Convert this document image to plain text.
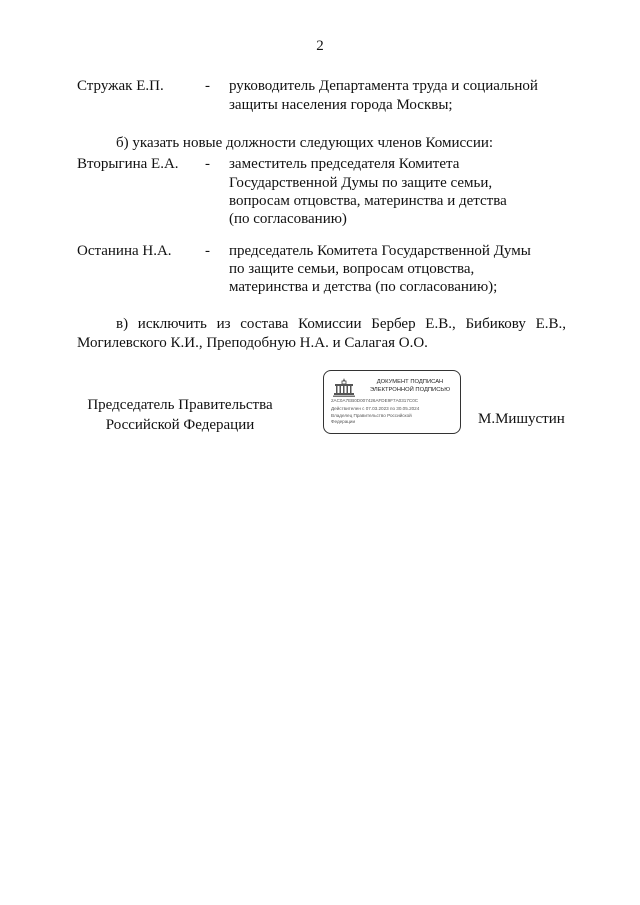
2
Стружак Е.П.	- руководитель Департамента труда и социальной
защиты населения города Москвы;
б) указать новые должности следующих членов Комиссии:
Вторыгина Е.А. - заместитель председателя Комитета
Государственной Думы по защите семьи,
вопросам отцовства, материнства и детства
(по согласованию)
Останина Н.А. - председатель Комитета Государственной Думы
по защите семьи, вопросам отцовства,
материнства и детства (по согласованию);
в) исключить из состава Комиссии Бербер Е.В., Бибикову Е.В.,
Могилевского К.И., Преподобную Н.А. и Салагая О.О.
Председатель Правительства
Российской Федерации
ДОКУМЕНТ ПОДПИСАН
ЭЛЕКТРОННОЙ ПОДПИСЬЮ
2AC0A7EB0D007426AFDE9F7A0317C0C
Действителен с 07.03.2023 по 30.05.2024
Владелец Правительство Российской
Федерации	М.Мишустин
